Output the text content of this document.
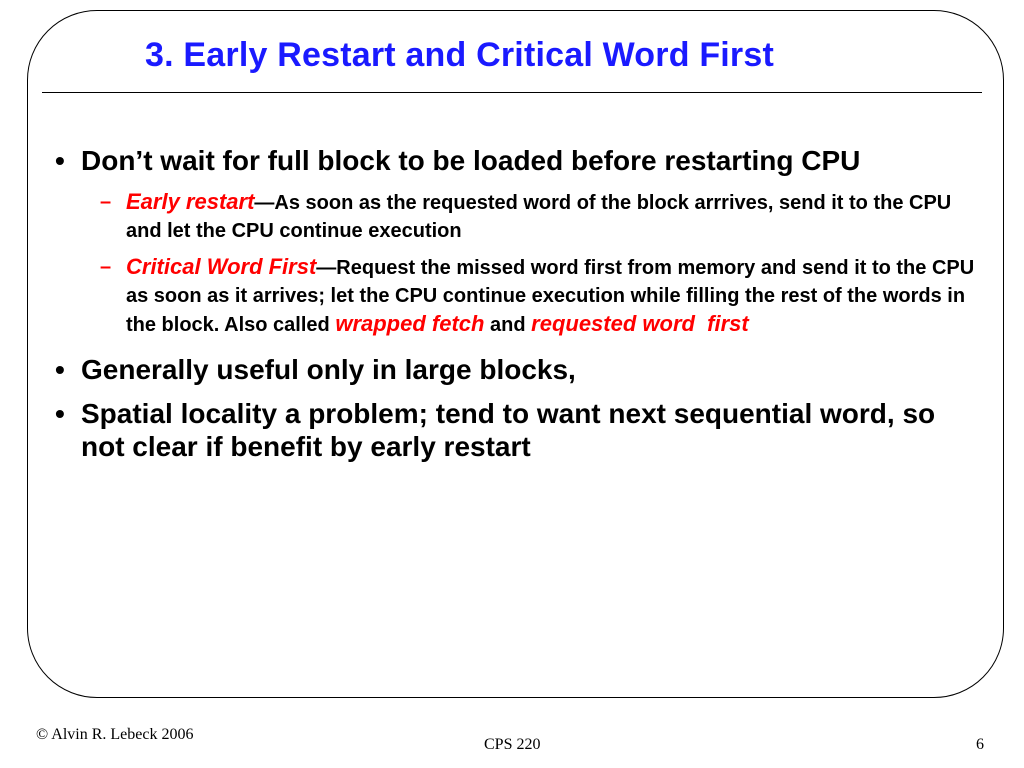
3. Early Restart and Critical Word First
• Don’t wait for full block to be loaded before restarting CPU
– Early restart—As soon as the requested word of the block arrrives, send it to the CPU and let the CPU continue execution
– Critical Word First—Request the missed word first from memory and send it to the CPU as soon as it arrives; let the CPU continue execution while filling the rest of the words in the block. Also called wrapped fetch and requested word  first
• Generally useful only in large blocks,
• Spatial locality a problem; tend to want next sequential word, so not clear if benefit by early restart
© Alvin R. Lebeck 2006
CPS 220	6
